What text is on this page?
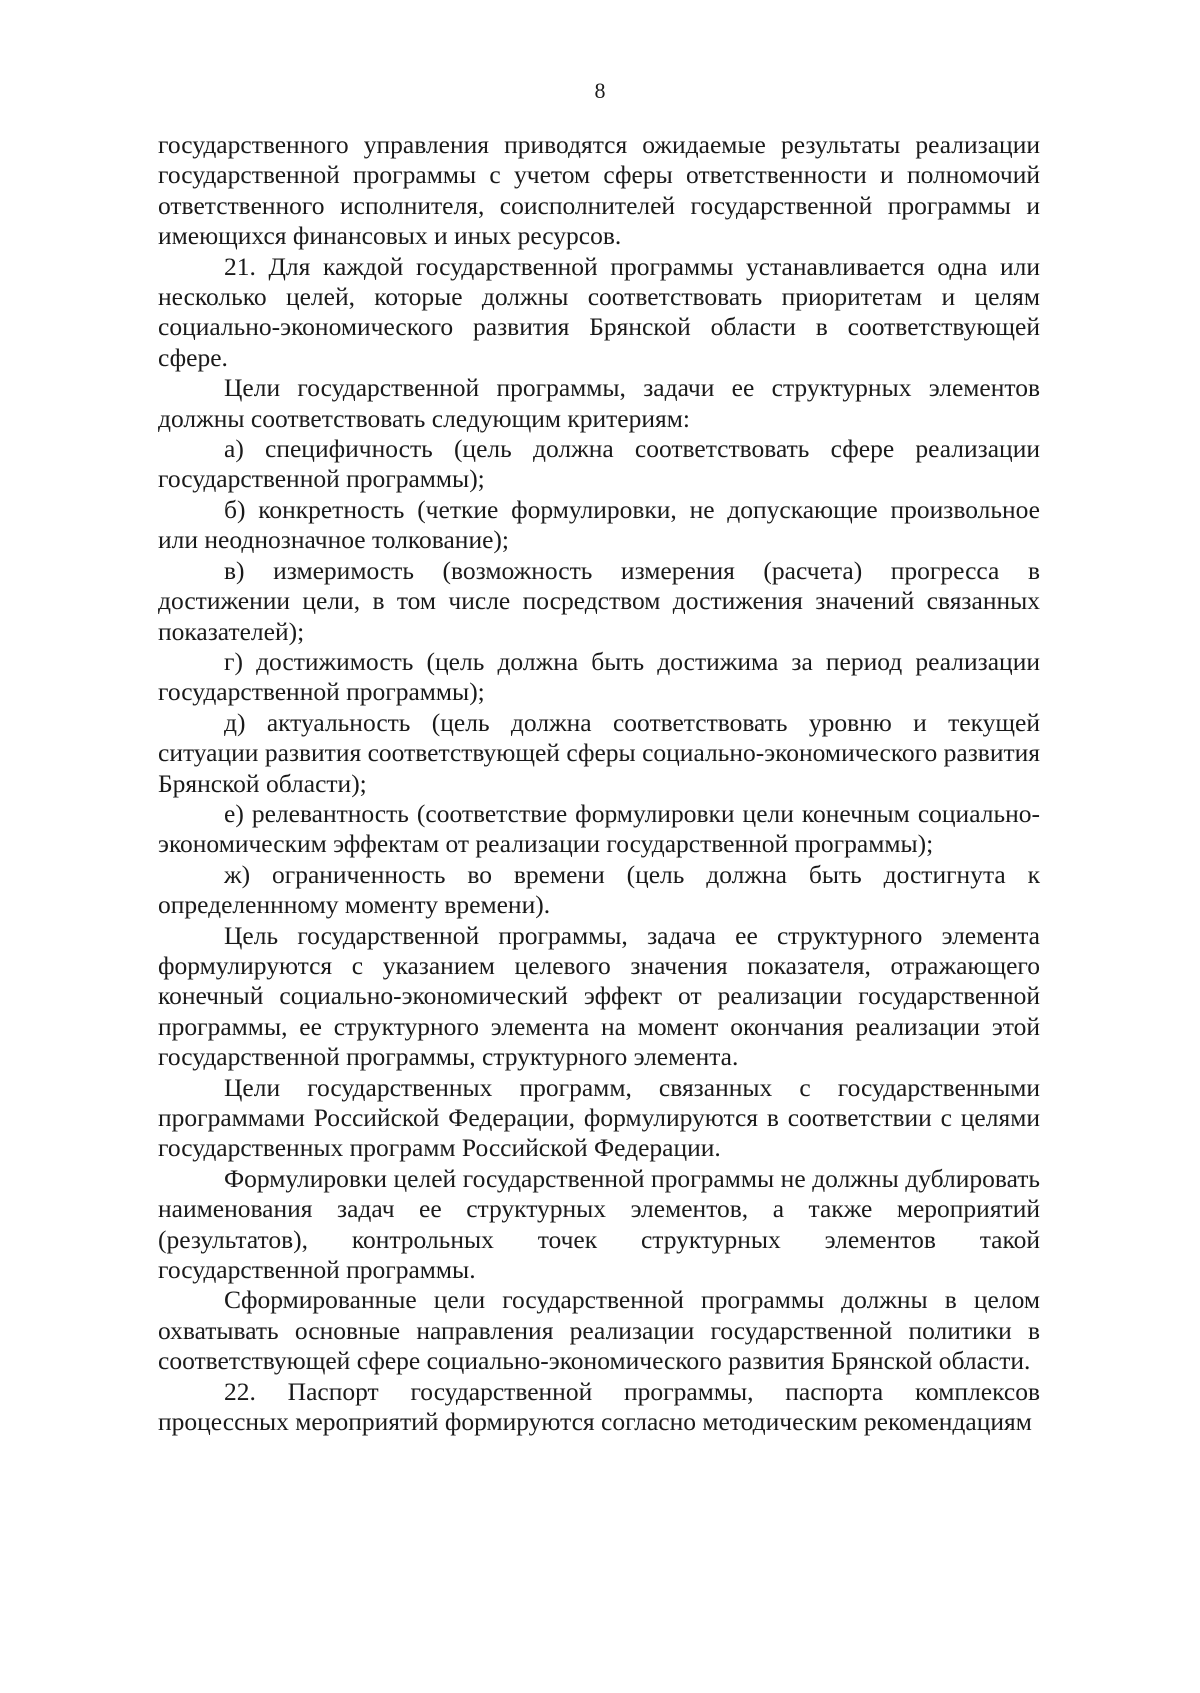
8

государственного управления приводятся ожидаемые результаты реализации государственной программы с учетом сферы ответственности и полномочий ответственного исполнителя, соисполнителей государственной программы и имеющихся финансовых и иных ресурсов.

21. Для каждой государственной программы устанавливается одна или несколько целей, которые должны соответствовать приоритетам и целям социально-экономического развития Брянской области в соответствующей сфере.

Цели государственной программы, задачи ее структурных элементов должны соответствовать следующим критериям:

а) специфичность (цель должна соответствовать сфере реализации государственной программы);

б) конкретность (четкие формулировки, не допускающие произвольное или неоднозначное толкование);

в) измеримость (возможность измерения (расчета) прогресса в достижении цели, в том числе посредством достижения значений связанных показателей);

г) достижимость (цель должна быть достижима за период реализации государственной программы);

д) актуальность (цель должна соответствовать уровню и текущей ситуации развития соответствующей сферы социально-экономического развития Брянской области);

е) релевантность (соответствие формулировки цели конечным социально-экономическим эффектам от реализации государственной программы);

ж) ограниченность во времени (цель должна быть достигнута к определеннному моменту времени).

Цель государственной программы, задача ее структурного элемента формулируются с указанием целевого значения показателя, отражающего конечный социально-экономический эффект от реализации государственной программы, ее структурного элемента на момент окончания реализации этой государственной программы, структурного элемента.

Цели государственных программ, связанных с государственными программами Российской Федерации, формулируются в соответствии с целями государственных программ Российской Федерации.

Формулировки целей государственной программы не должны дублировать наименования задач ее структурных элементов, а также мероприятий (результатов), контрольных точек структурных элементов такой государственной программы.

Сформированные цели государственной программы должны в целом охватывать основные направления реализации государственной политики в соответствующей сфере социально-экономического развития Брянской области.

22. Паспорт государственной программы, паспорта комплексов процессных мероприятий формируются согласно методическим рекомендациям
